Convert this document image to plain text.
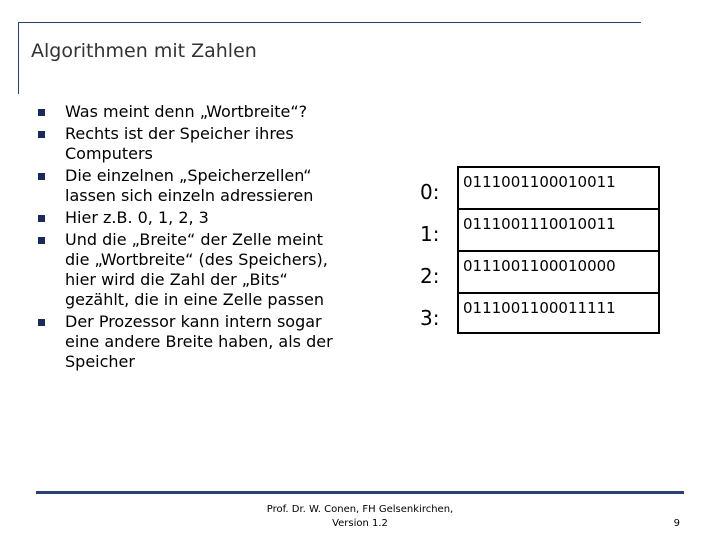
Algorithmen mit Zahlen
Was meint denn „Wortbreite“?
Rechts ist der Speicher ihres Computers
Die einzelnen „Speicherzellen“ lassen sich einzeln adressieren
Hier z.B. 0, 1, 2, 3
Und die „Breite“ der Zelle meint die „Wortbreite“ (des Speichers), hier wird die Zahl der „Bits“ gezählt, die in eine Zelle passen
Der Prozessor kann intern sogar eine andere Breite haben, als der Speicher
0:	0111001100010011
1:	0111001110010011
2:	0111001100010000
3:	0111001100011111
Prof. Dr. W. Conen, FH Gelsenkirchen,
Version 1.2	9
